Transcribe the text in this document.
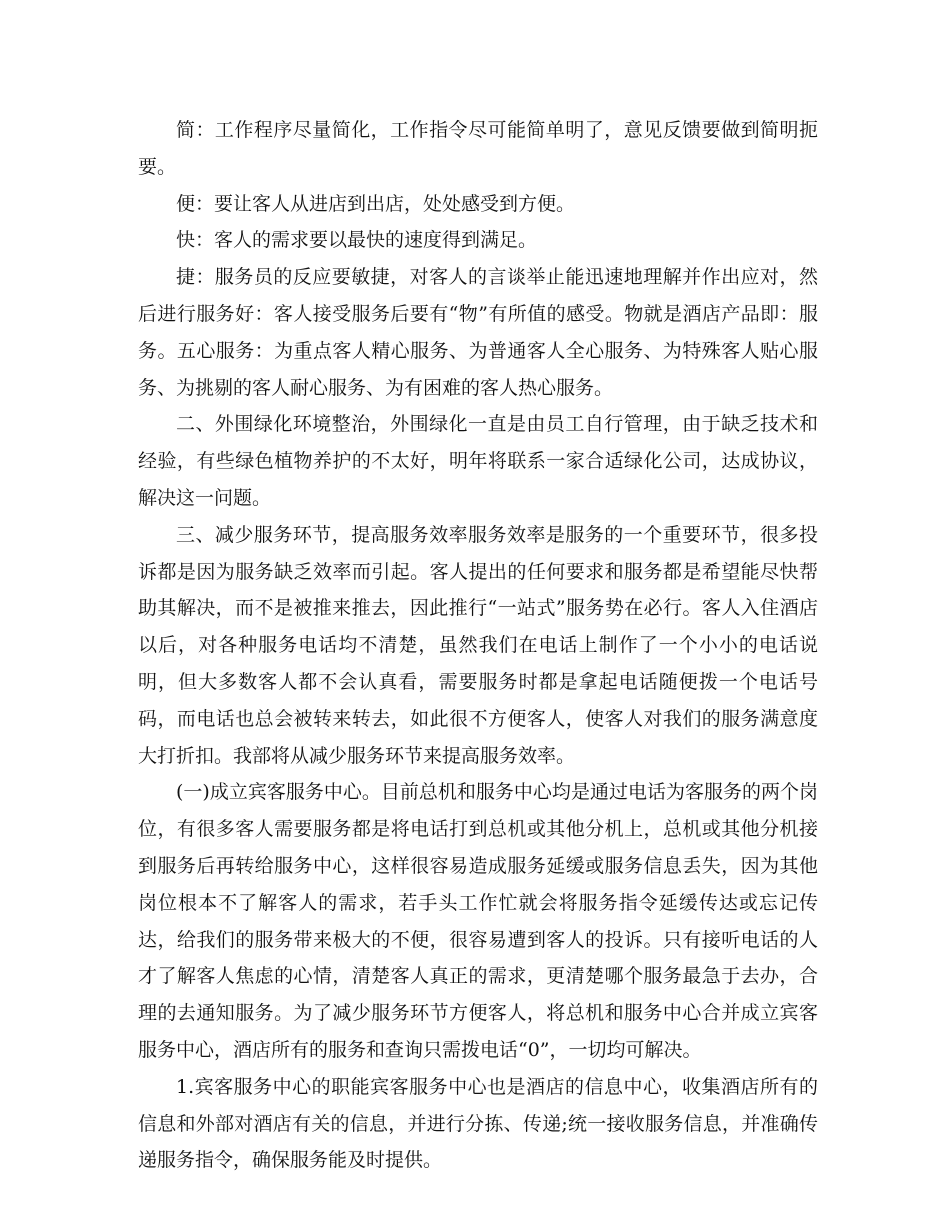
简：工作程序尽量简化，工作指令尽可能简单明了，意见反馈要做到简明扼要。

便：要让客人从进店到出店，处处感受到方便。

快：客人的需求要以最快的速度得到满足。

捷：服务员的反应要敏捷，对客人的言谈举止能迅速地理解并作出应对，然后进行服务好：客人接受服务后要有“物”有所值的感受。物就是酒店产品即：服务。五心服务：为重点客人精心服务、为普通客人全心服务、为特殊客人贴心服务、为挑剔的客人耐心服务、为有困难的客人热心服务。

二、外围绿化环境整治，外围绿化一直是由员工自行管理，由于缺乏技术和经验，有些绿色植物养护的不太好，明年将联系一家合适绿化公司，达成协议，解决这一问题。

三、减少服务环节，提高服务效率服务效率是服务的一个重要环节，很多投诉都是因为服务缺乏效率而引起。客人提出的任何要求和服务都是希望能尽快帮助其解决，而不是被推来推去，因此推行“一站式”服务势在必行。客人入住酒店以后，对各种服务电话均不清楚，虽然我们在电话上制作了一个小小的电话说明，但大多数客人都不会认真看，需要服务时都是拿起电话随便拨一个电话号码，而电话也总会被转来转去，如此很不方便客人，使客人对我们的服务满意度大打折扣。我部将从减少服务环节来提高服务效率。

(一)成立宾客服务中心。目前总机和服务中心均是通过电话为客服务的两个岗位，有很多客人需要服务都是将电话打到总机或其他分机上，总机或其他分机接到服务后再转给服务中心，这样很容易造成服务延缓或服务信息丢失，因为其他岗位根本不了解客人的需求，若手头工作忙就会将服务指令延缓传达或忘记传达，给我们的服务带来极大的不便，很容易遭到客人的投诉。只有接听电话的人才了解客人焦虑的心情，清楚客人真正的需求，更清楚哪个服务最急于去办，合理的去通知服务。为了减少服务环节方便客人，将总机和服务中心合并成立宾客服务中心，酒店所有的服务和查询只需拨电话“0”，一切均可解决。

1.宾客服务中心的职能宾客服务中心也是酒店的信息中心，收集酒店所有的信息和外部对酒店有关的信息，并进行分拣、传递;统一接收服务信息，并准确传递服务指令，确保服务能及时提供。
